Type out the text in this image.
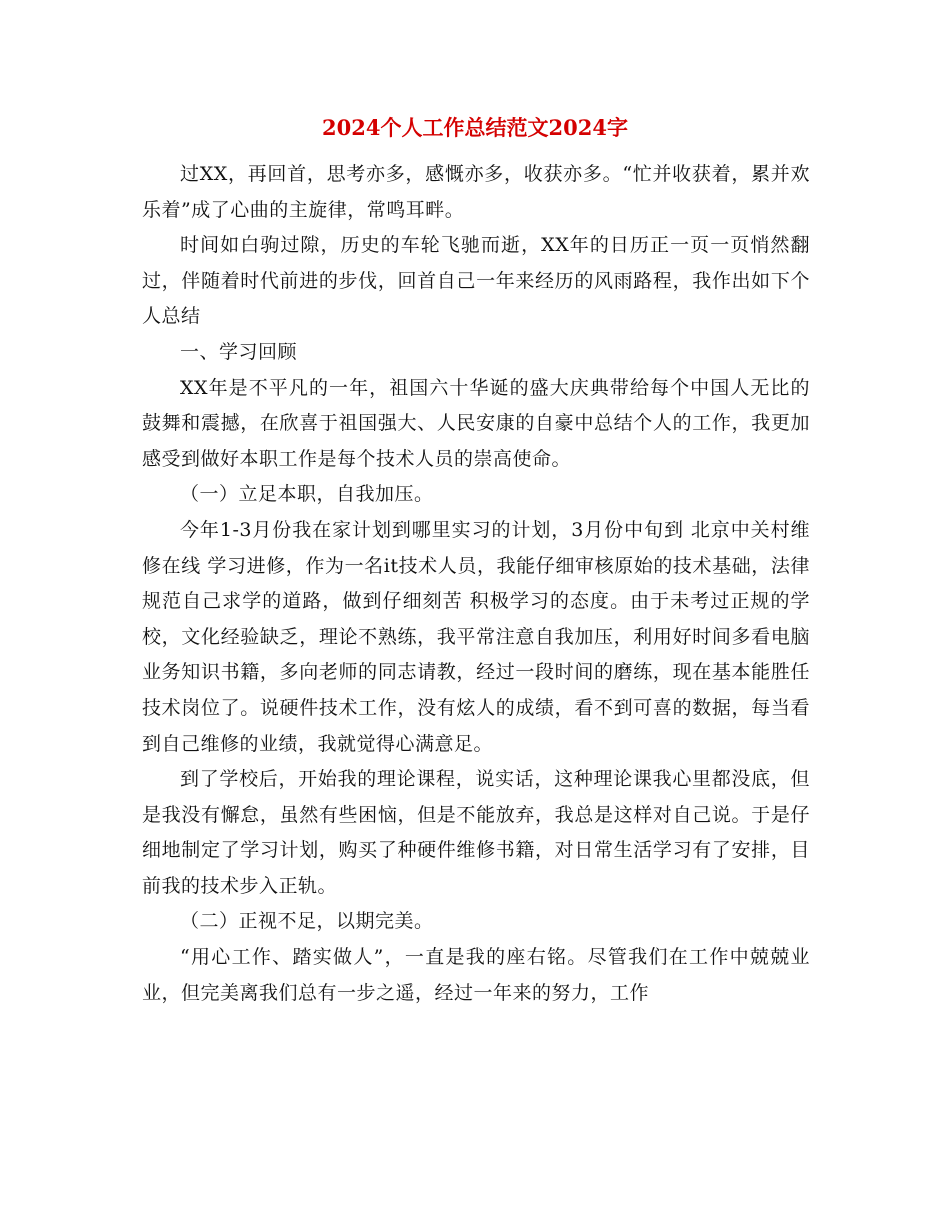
2024个人工作总结范文2024字

过XX，再回首，思考亦多，感慨亦多，收获亦多。“忙并收获着，累并欢乐着”成了心曲的主旋律，常鸣耳畔。

时间如白驹过隙，历史的车轮飞驰而逝，XX年的日历正一页一页悄然翻过，伴随着时代前进的步伐，回首自己一年来经历的风雨路程，我作出如下个人总结

一、学习回顾

XX年是不平凡的一年，祖国六十华诞的盛大庆典带给每个中国人无比的鼓舞和震撼，在欣喜于祖国强大、人民安康的自豪中总结个人的工作，我更加感受到做好本职工作是每个技术人员的崇高使命。

（一）立足本职，自我加压。

今年1-3月份我在家计划到哪里实习的计划，3月份中旬到 北京中关村维修在线 学习进修，作为一名it技术人员，我能仔细审核原始的技术基础，法律规范自己求学的道路，做到仔细刻苦 积极学习的态度。由于未考过正规的学校，文化经验缺乏，理论不熟练，我平常注意自我加压，利用好时间多看电脑业务知识书籍，多向老师的同志请教，经过一段时间的磨练，现在基本能胜任技术岗位了。说硬件技术工作，没有炫人的成绩，看不到可喜的数据，每当看到自己维修的业绩，我就觉得心满意足。

到了学校后，开始我的理论课程，说实话，这种理论课我心里都没底，但是我没有懈怠，虽然有些困恼，但是不能放弃，我总是这样对自己说。于是仔细地制定了学习计划，购买了种硬件维修书籍，对日常生活学习有了安排，目前我的技术步入正轨。

（二）正视不足，以期完美。

“用心工作、踏实做人”，一直是我的座右铭。尽管我们在工作中兢兢业业，但完美离我们总有一步之遥，经过一年来的努力，工作
